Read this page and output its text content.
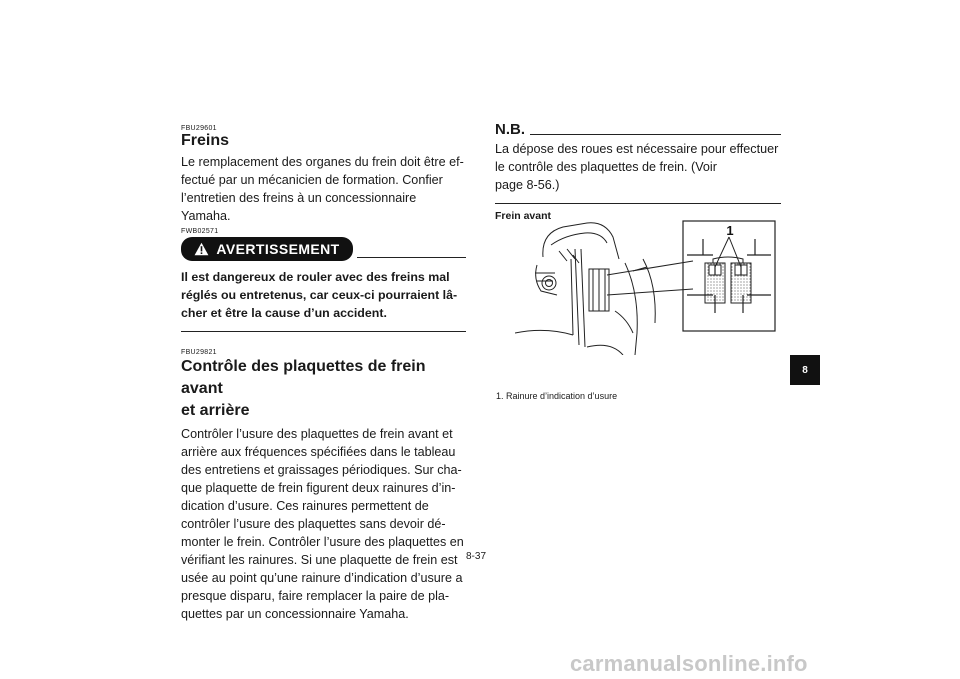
FBU29601

Freins

Le remplacement des organes du frein doit être ef-
fectué par un mécanicien de formation. Confier
l’entretien des freins à un concessionnaire
Yamaha.

FWB02571

AVERTISSEMENT

Il est dangereux de rouler avec des freins mal
réglés ou entretenus, car ceux-ci pourraient lâ-
cher et être la cause d’un accident.

FBU29821

Contrôle des plaquettes de frein avant
et arrière

Contrôler l’usure des plaquettes de frein avant et
arrière aux fréquences spécifiées dans le tableau
des entretiens et graissages périodiques. Sur cha-
que plaquette de frein figurent deux rainures d’in-
dication d’usure. Ces rainures permettent de
contrôler l’usure des plaquettes sans devoir dé-
monter le frein. Contrôler l’usure des plaquettes en
vérifiant les rainures. Si une plaquette de frein est
usée au point qu’une rainure d’indication d’usure a
presque disparu, faire remplacer la paire de pla-
quettes par un concessionnaire Yamaha.

N.B.

La dépose des roues est nécessaire pour effectuer
le contrôle des plaquettes de frein. (Voir
page 8-56.)

Frein avant

1

1. Rainure d’indication d’usure

8-37

8

carmanualsonline.info
